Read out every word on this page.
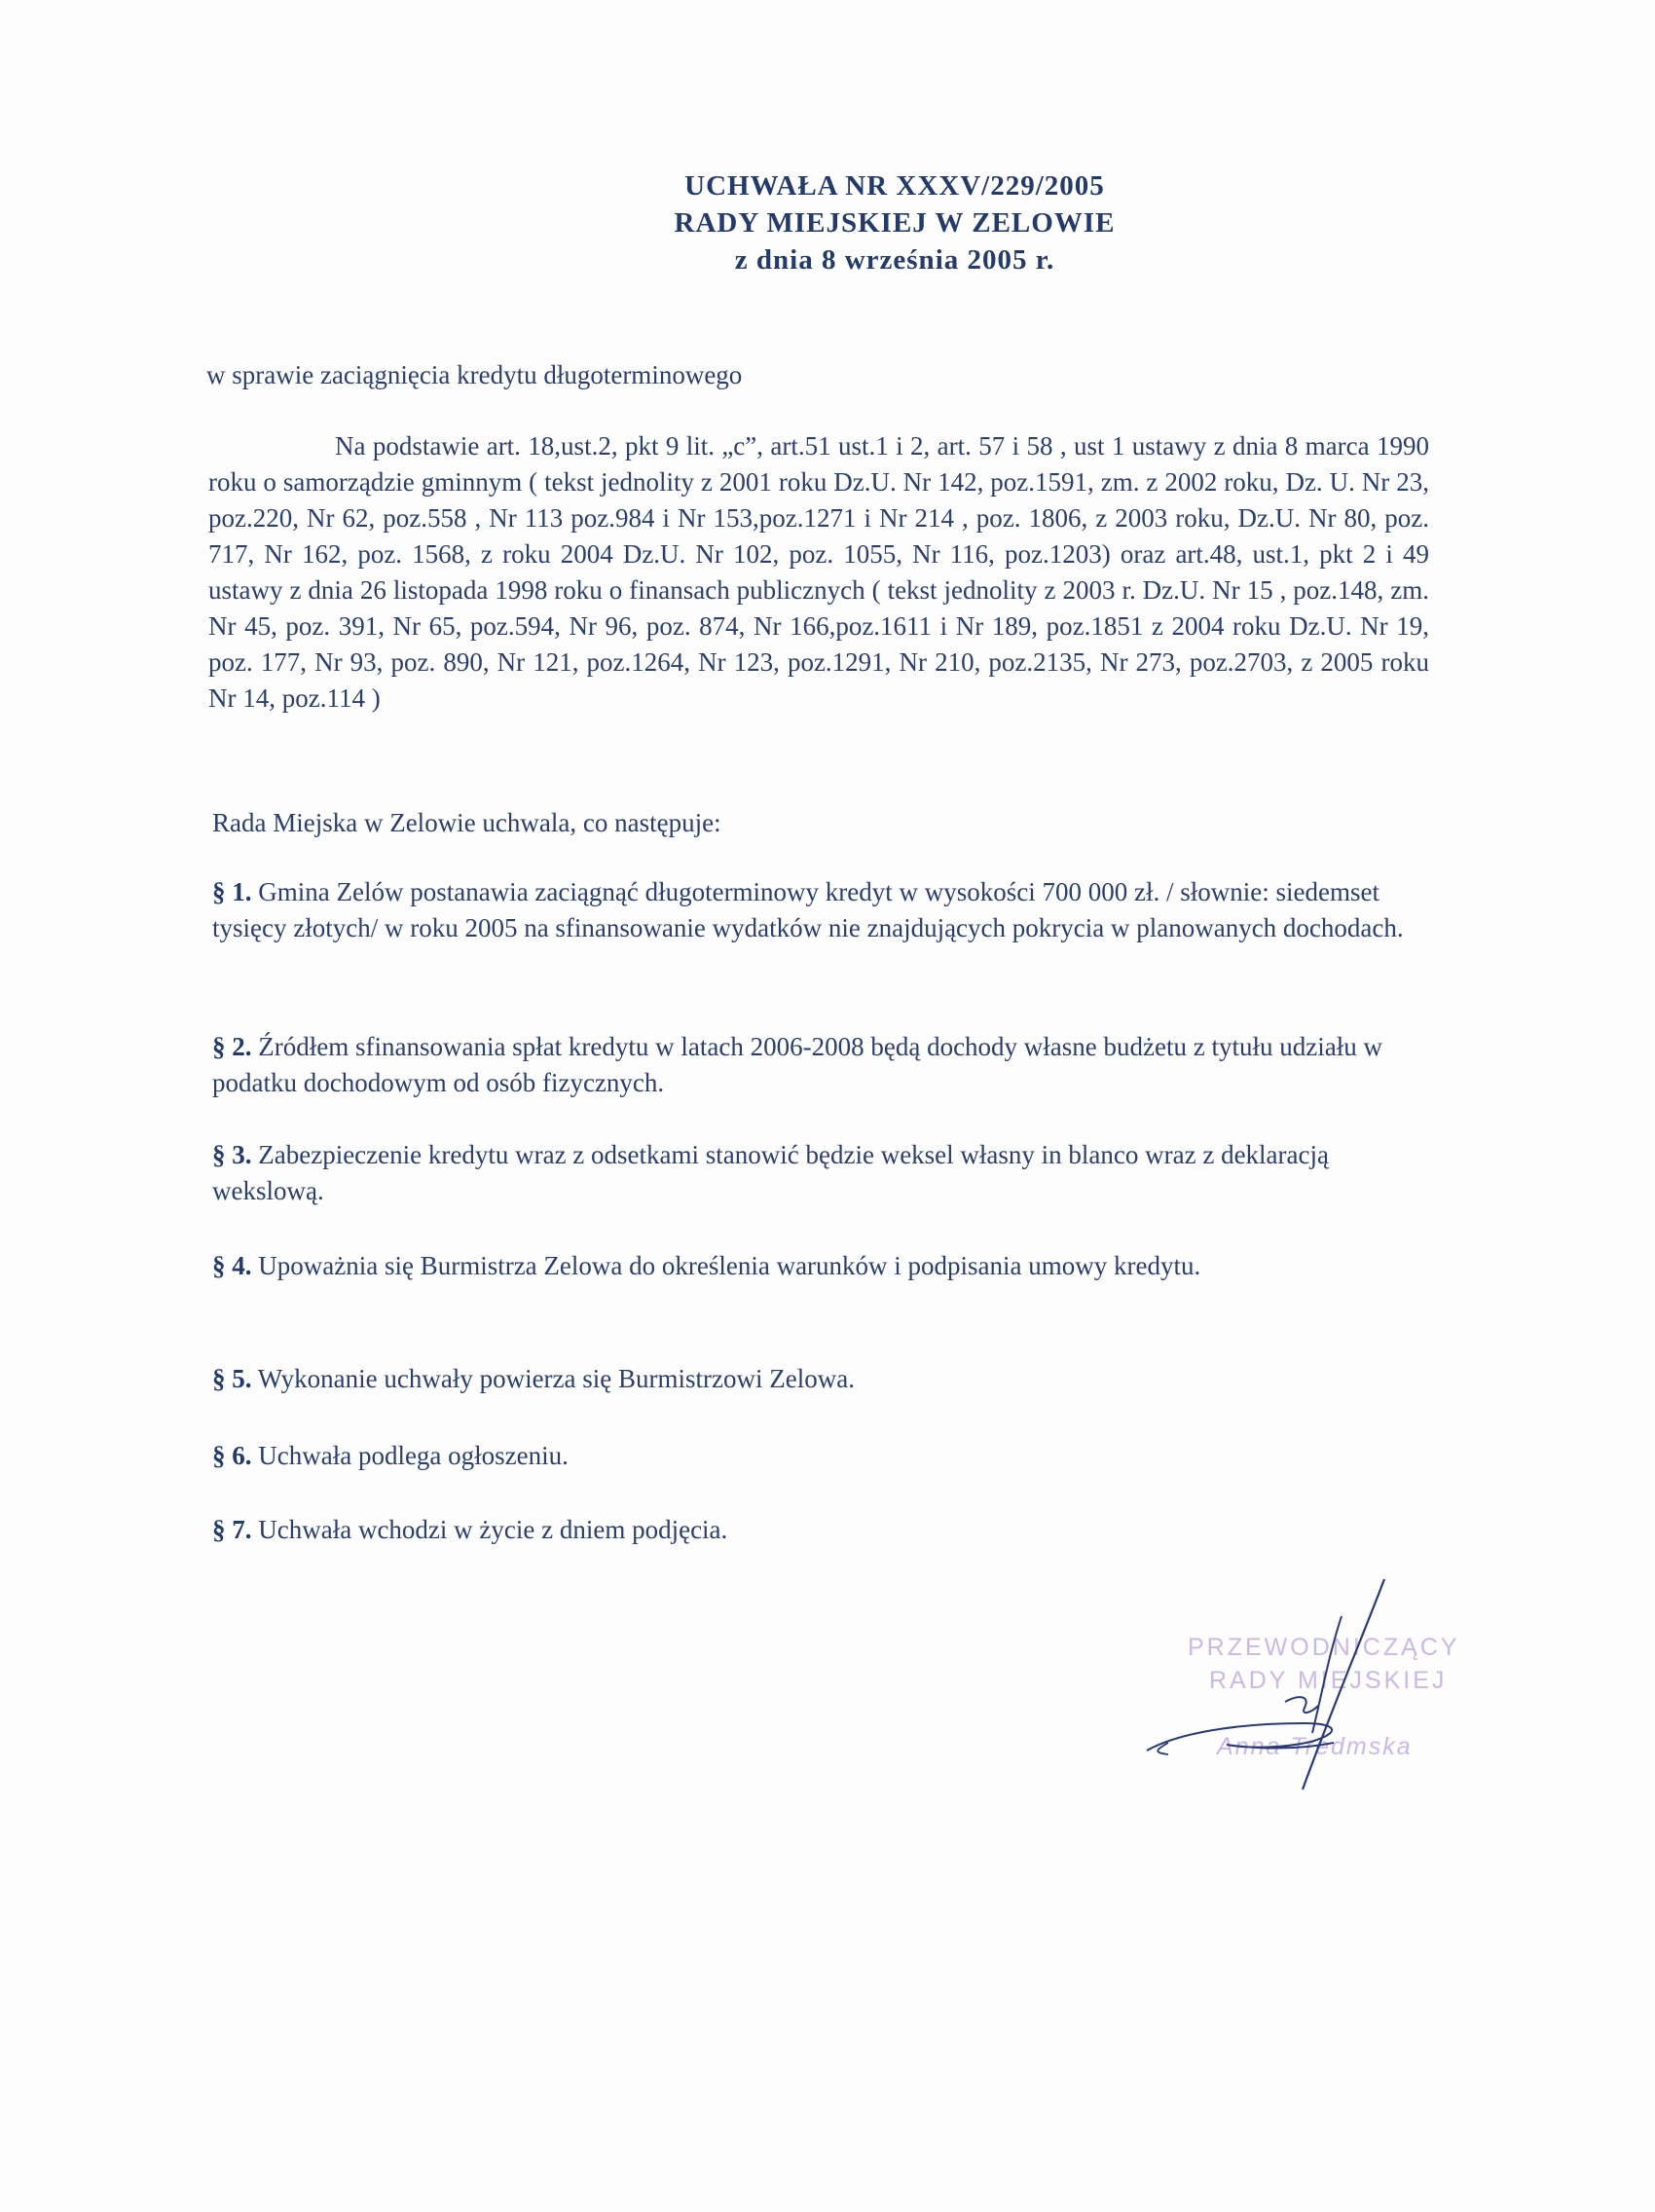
UCHWAŁA NR XXXV/229/2005
RADY MIEJSKIEJ W ZELOWIE
z dnia 8 września 2005 r.
w sprawie zaciągnięcia kredytu długoterminowego
Na podstawie art. 18,ust.2, pkt 9 lit. „c”, art.51 ust.1 i 2, art. 57 i 58 , ust 1 ustawy z dnia 8 marca 1990 roku o samorządzie gminnym ( tekst jednolity z 2001 roku Dz.U. Nr 142, poz.1591, zm. z 2002 roku, Dz. U. Nr 23, poz.220, Nr 62, poz.558 , Nr 113 poz.984 i Nr 153,poz.1271 i Nr 214 , poz. 1806, z 2003 roku, Dz.U. Nr 80, poz. 717, Nr 162, poz. 1568, z roku 2004 Dz.U. Nr 102, poz. 1055, Nr 116, poz.1203) oraz art.48, ust.1, pkt 2 i 49 ustawy z dnia 26 listopada 1998 roku o finansach publicznych ( tekst jednolity z 2003 r. Dz.U. Nr 15 , poz.148, zm. Nr 45, poz. 391, Nr 65, poz.594, Nr 96, poz. 874, Nr 166,poz.1611 i Nr 189, poz.1851 z 2004 roku Dz.U. Nr 19, poz. 177, Nr 93, poz. 890, Nr 121, poz.1264, Nr 123, poz.1291, Nr 210, poz.2135, Nr 273, poz.2703, z 2005 roku Nr 14, poz.114 )
Rada Miejska w Zelowie uchwala, co następuje:
§ 1. Gmina Zelów postanawia zaciągnąć długoterminowy kredyt w wysokości 700 000 zł. / słownie: siedemset tysięcy złotych/ w roku 2005 na sfinansowanie wydatków nie znajdujących pokrycia w planowanych dochodach.
§ 2. Źródłem sfinansowania spłat kredytu w latach 2006-2008 będą dochody własne budżetu z tytułu udziału w podatku dochodowym od osób fizycznych.
§ 3. Zabezpieczenie kredytu wraz z odsetkami stanowić będzie weksel własny in blanco wraz z deklaracją wekslową.
§ 4. Upoważnia się Burmistrza Zelowa do określenia warunków i podpisania umowy kredytu.
§ 5. Wykonanie uchwały powierza się Burmistrzowi Zelowa.
§ 6. Uchwała podlega ogłoszeniu.
§ 7. Uchwała wchodzi w życie z dniem podjęcia.
PRZEWODNICZĄCY
RADY MIEJSKIEJ
Anna Tredmska
